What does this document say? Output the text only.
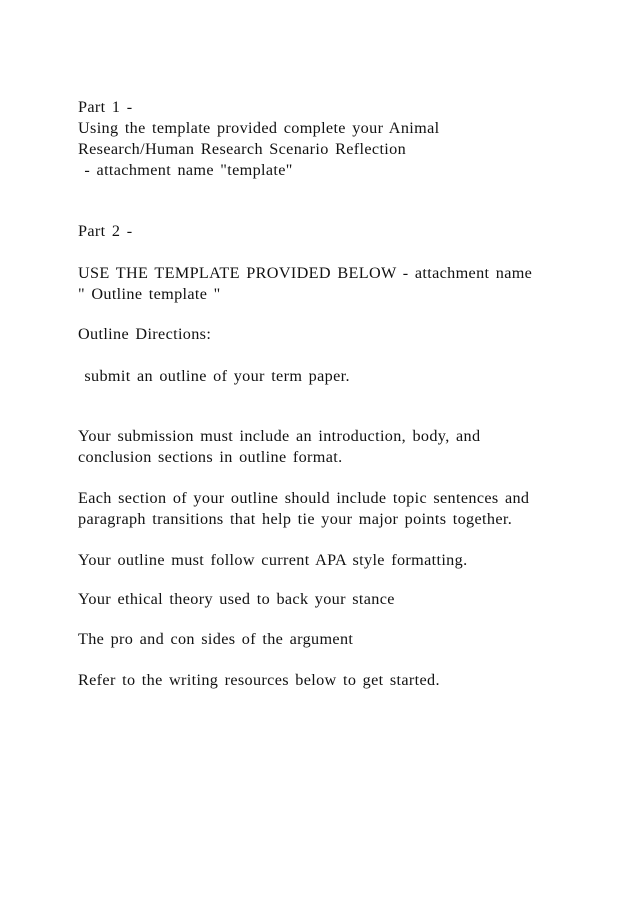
Part 1 -
Using the template provided complete your Animal
Research/Human Research Scenario Reflection
- attachment name "template"
Part 2 -
USE THE TEMPLATE PROVIDED BELOW - attachment name
" Outline template "
Outline Directions:
submit an outline of your term paper.
Your submission must include an introduction, body, and
conclusion sections in outline format.
Each section of your outline should include topic sentences and
paragraph transitions that help tie your major points together.
Your outline must follow current APA style formatting.
Your ethical theory used to back your stance
The pro and con sides of the argument
Refer to the writing resources below to get started.
